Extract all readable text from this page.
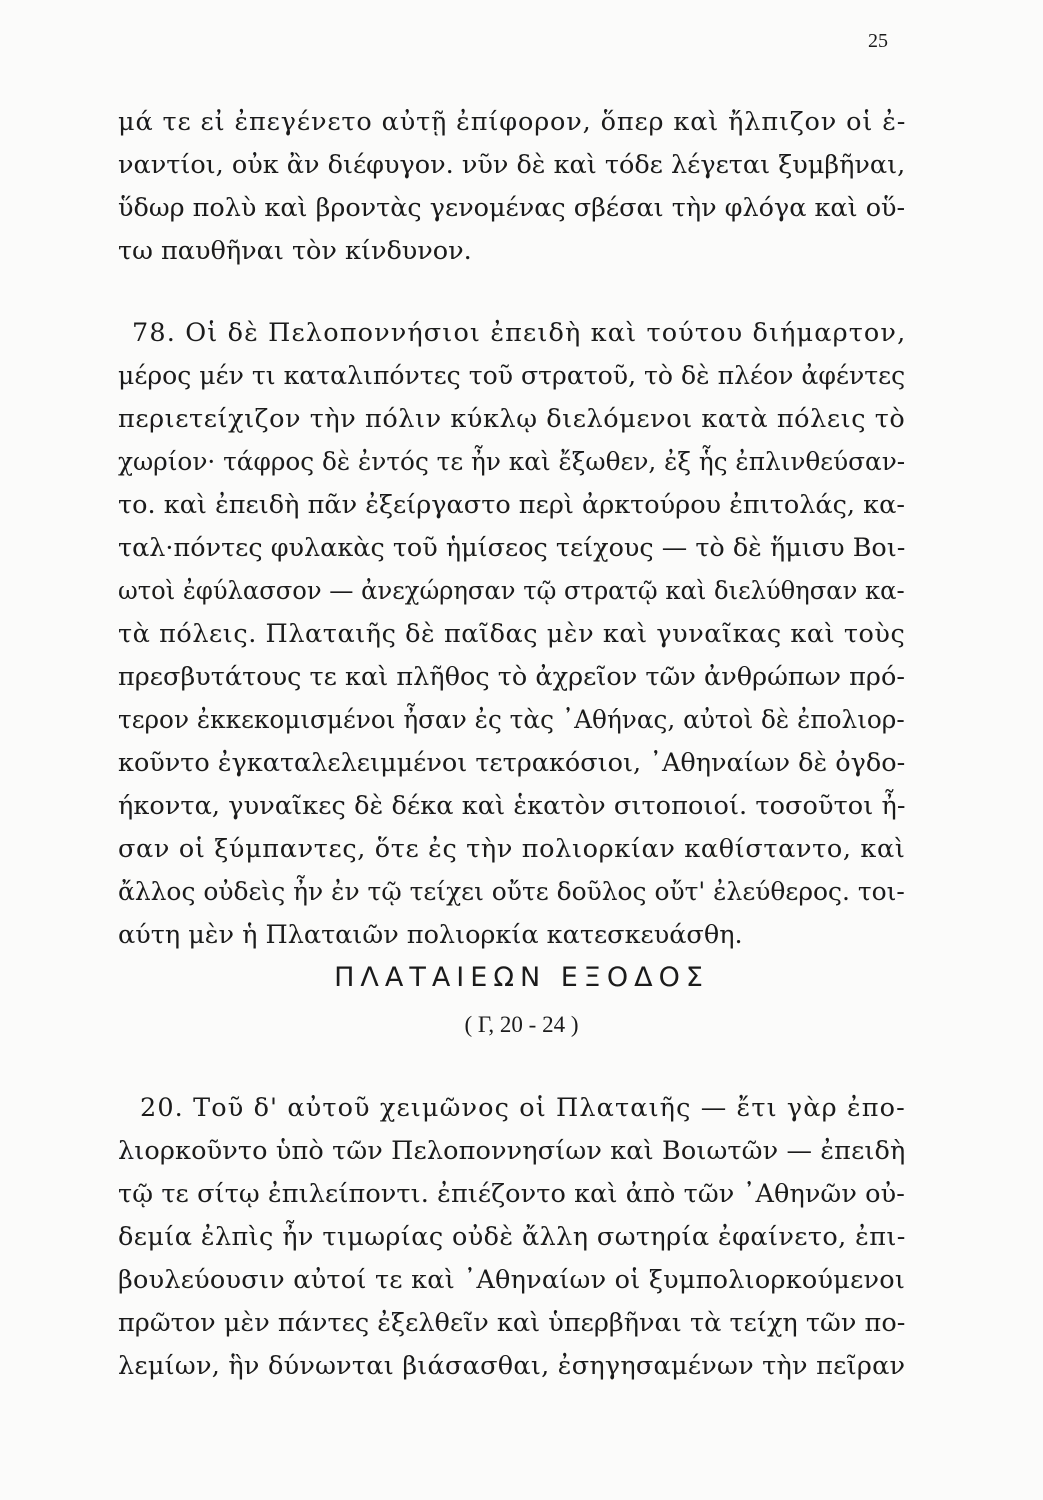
25
μά τε εἰ ἐπεγένετο αὐτῇ ἐπίφορον, ὅπερ καὶ ἤλπιζον οἱ ἐ-
ναντίοι, οὐκ ἂν διέφυγον. νῦν δὲ καὶ τόδε λέγεται ξυμβῆναι,
ὕδωρ πολὺ καὶ βροντὰς γενομένας σβέσαι τὴν φλόγα καὶ οὕ-
τω παυθῆναι τὸν κίνδυνον.
78. Οἱ δὲ Πελοποννήσιοι ἐπειδὴ καὶ τούτου διήμαρτον,
μέρος μέν τι καταλιπόντες τοῦ στρατοῦ, τὸ δὲ πλέον ἀφέντες
περιετείχιζον τὴν πόλιν κύκλῳ διελόμενοι κατὰ πόλεις τὸ
χωρίον· τάφρος δὲ ἐντός τε ἦν καὶ ἔξωθεν, ἐξ ἧς ἐπλινθεύσαν-
το. καὶ ἐπειδὴ πᾶν ἐξείργαστο περὶ ἀρκτούρου ἐπιτολάς, κα-
ταλ·πόντες φυλακὰς τοῦ ἡμίσεος τείχους — τὸ δὲ ἥμισυ Βοι-
ωτοὶ ἐφύλασσον — ἀνεχώρησαν τῷ στρατῷ καὶ διελύθησαν κα-
τὰ πόλεις. Πλαταιῆς δὲ παῖδας μὲν καὶ γυναῖκας καὶ τοὺς
πρεσβυτάτους τε καὶ πλῆθος τὸ ἀχρεῖον τῶν ἀνθρώπων πρό-
τερον ἐκκεκομισμένοι ἦσαν ἐς τὰς ᾿Αθήνας, αὐτοὶ δὲ ἐπολιορ-
κοῦντο ἐγκαταλελειμμένοι τετρακόσιοι, ᾿Αθηναίων δὲ ὀγδο-
ήκοντα, γυναῖκες δὲ δέκα καὶ ἑκατὸν σιτοποιοί. τοσοῦτοι ἦ-
σαν οἱ ξύμπαντες, ὅτε ἐς τὴν πολιορκίαν καθίσταντο, καὶ
ἄλλος οὐδεὶς ἦν ἐν τῷ τείχει οὔτε δοῦλος οὔτ' ἐλεύθερος. τοι-
αύτη μὲν ἡ Πλαταιῶν πολιορκία κατεσκευάσθη.
ΠΛΑΤΑΙΕΩΝ ΕΞΟΔΟΣ
( Γ, 20 - 24 )
20. Τοῦ δ' αὐτοῦ χειμῶνος οἱ Πλαταιῆς — ἔτι γὰρ ἐπο-
λιορκοῦντο ὑπὸ τῶν Πελοποννησίων καὶ Βοιωτῶν — ἐπειδὴ
τῷ τε σίτῳ ἐπιλείποντι. ἐπιέζοντο καὶ ἀπὸ τῶν ᾿Αθηνῶν οὐ-
δεμία ἐλπὶς ἦν τιμωρίας οὐδὲ ἄλλη σωτηρία ἐφαίνετο, ἐπι-
βουλεύουσιν αὐτοί τε καὶ ᾿Αθηναίων οἱ ξυμπολιορκούμενοι
πρῶτον μὲν πάντες ἐξελθεῖν καὶ ὑπερβῆναι τὰ τείχη τῶν πο-
λεμίων, ἣν δύνωνται βιάσασθαι, ἐσηγησαμένων τὴν πεῖραν
